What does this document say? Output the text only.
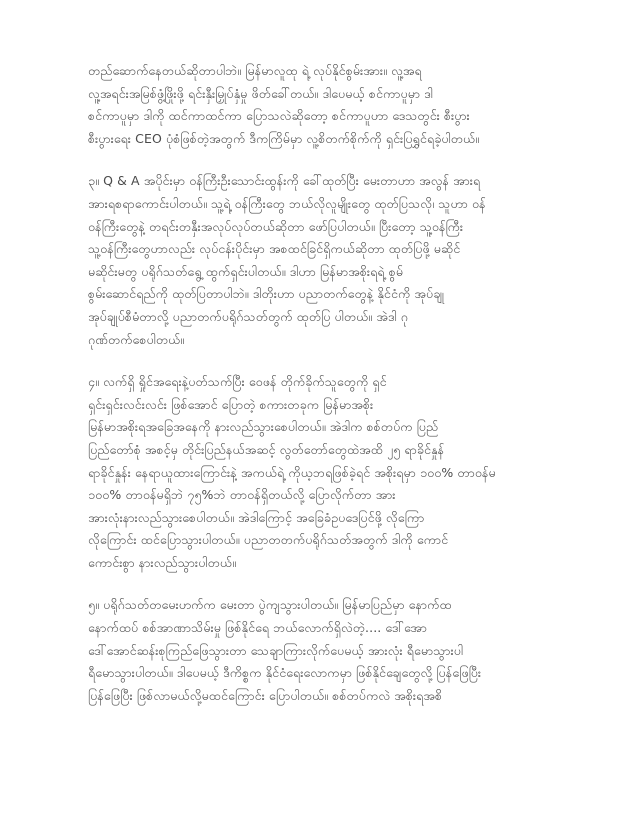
တည်ဆောက်နေတယ်ဆိုတာပါဘဲ။ မြန်မာလူထု ရဲ့ လုပ်နိုင်စွမ်းအား။ လူ့အရ
လူ့အရင်းအမြစ်ဖွံ့ဖြိုးဖို့ ရင်းနှီးမြှုပ်နှံမှု ဖိတ်ခေါ်တယ်။ ဒါပေမယ့် စင်ကာပူမှာ ဒါ
စင်ကာပူမှာ ဒါကို ထင်ကာထင်ကာ ပြောသလဲဆိုတော့ စင်ကာပူဟာ ဒေသတွင်း စီးပွား
စီးပွားရေး CEO ပုံစံဖြစ်တဲ့အတွက် ဒီကကြိမ်မှာ လူ့စိတက်စိုက်ကို ရှင်းပြရွှင်ရခဲ့ပါတယ်။
၃။ Q & A အပိုင်းမှာ ဝန်ကြီးဦးသောင်းထွန်းကို ခေါ်ထုတ်ပြီး မေးတာဟာ အလွန် အားရ
အားရစရာကောင်းပါတယ်။ သူ့ရဲ့ ဝန်ကြီးတွေ ဘယ်လိုလူမျိုးတွေ ထုတ်ပြသလို၊ သူဟာ ဝန်
ဝန်ကြီးတွေနဲ့ တရင်းတနှီးအလုပ်လုပ်တယ်ဆိုတာ ဖော်ပြပါတယ်။ ပြီးတော့ သူ့ဝန်ကြီး
သူ့ဝန်ကြီးတွေဟာလည်း လုပ်ငန်းပိုင်းမှာ အစထင်ခြင်ရှိကယ်ဆိုတာ ထုတ်ပြဖို့ မဆိုင်
မဆိုင်းမတွ ပရိုဂ်သတ်ရွေ့ ထွက်ရှင်းပါတယ်။ ဒါဟာ မြန်မာအစိုးရရဲ့ စွမ်
စွမ်းဆောင်ရည်ကို ထုတ်ပြတာပါဘဲ။ ဒါတိုးဟာ ပညာတက်တွေနဲ့ နိုင်ငံကို အုပ်ချု
အုပ်ချုပ်စီမံတာလို့ ပညာတက်ပရိုဂ်သတ်တွက် ထုတ်ပြ ပါတယ်။ အဲဒါ ဂု
ဂုဏ်တက်စေပါတယ်။
၄။ လက်ရှိ ရှိုင်အရေးနဲ့ပတ်သက်ပြီး ဝေဖန် တိုက်ခိုက်သူတွေကို ရှင်
ရှင်းရှင်းလင်းလင်း ဖြစ်အောင် ပြောတဲ့ စကားတခုက မြန်မာအစိုး
မြန်မာအစိုးရအခြေအနေကို နားလည်သွားစေပါတယ်။ အဲဒါက စစ်တပ်က ပြည်
ပြည်တော်စုံ အစင့်မှ တိုင်းပြည်နယ်အဆင့် လွတ်တော်တွေထဲအထိ ၂၅ ရာခိုင်နှုန်
ရာခိုင်နှုန်း နေရာယူထားကြောင်းနဲ့ အကယ်ရဲ့ ကိုယ့ဘရဖြစ်ခဲ့ရင် အစိုးရမှာ ၁၀၀% တာဝန်မ
၁၀၀% တာဝန်မရှိဘဲ ၇၅%ဘဲ တာဝန်ရှိတယ်လို့ ပြောလိုက်တာ အား
အားလုံးနားလည်သွားစေပါတယ်။ အဲဒါကြောင့် အခြေခံဥပဒေပြင်ဖို့ လိုကြော
လိုကြောင်း ထင်ပြောသွားပါတယ်။ ပညာတတက်ပရိုဂ်သတ်အတွက် ဒါကို ကောင်
ကောင်းစွာ နားလည်သွားပါတယ်။
၅။ ပရိုဂ်သတ်တမေးဟက်က မေးတာ ပွဲကျသွားပါတယ်။ မြန်မာပြည်မှာ နောက်ထ
နောက်ထပ် စစ်အာဏာသိမ်းမှု ဖြစ်နိုင်ရေ ဘယ်လောက်ရှိလဲတဲ့.... ဒေါ်အော
ဒေါ်အောင်ဆန်းစုကြည်ဖြေသွားတာ သေချာကြားလိုက်ပေမယ့် အားလုံး ရီမောသွားပါ
ရီမောသွားပါတယ်။ ဒါပေမယ့် ဒီကိစ္စက နိုင်ငံရေးလောကမှာ ဖြစ်နိုင်ချေတွေလို့ ပြန်ဖြေပြီး
ပြန်ဖြေပြီး ဖြစ်လာမယ်လို့မထင်ကြောင်း ပြောပါတယ်။ စစ်တပ်ကလဲ အစိုးရအစိ
